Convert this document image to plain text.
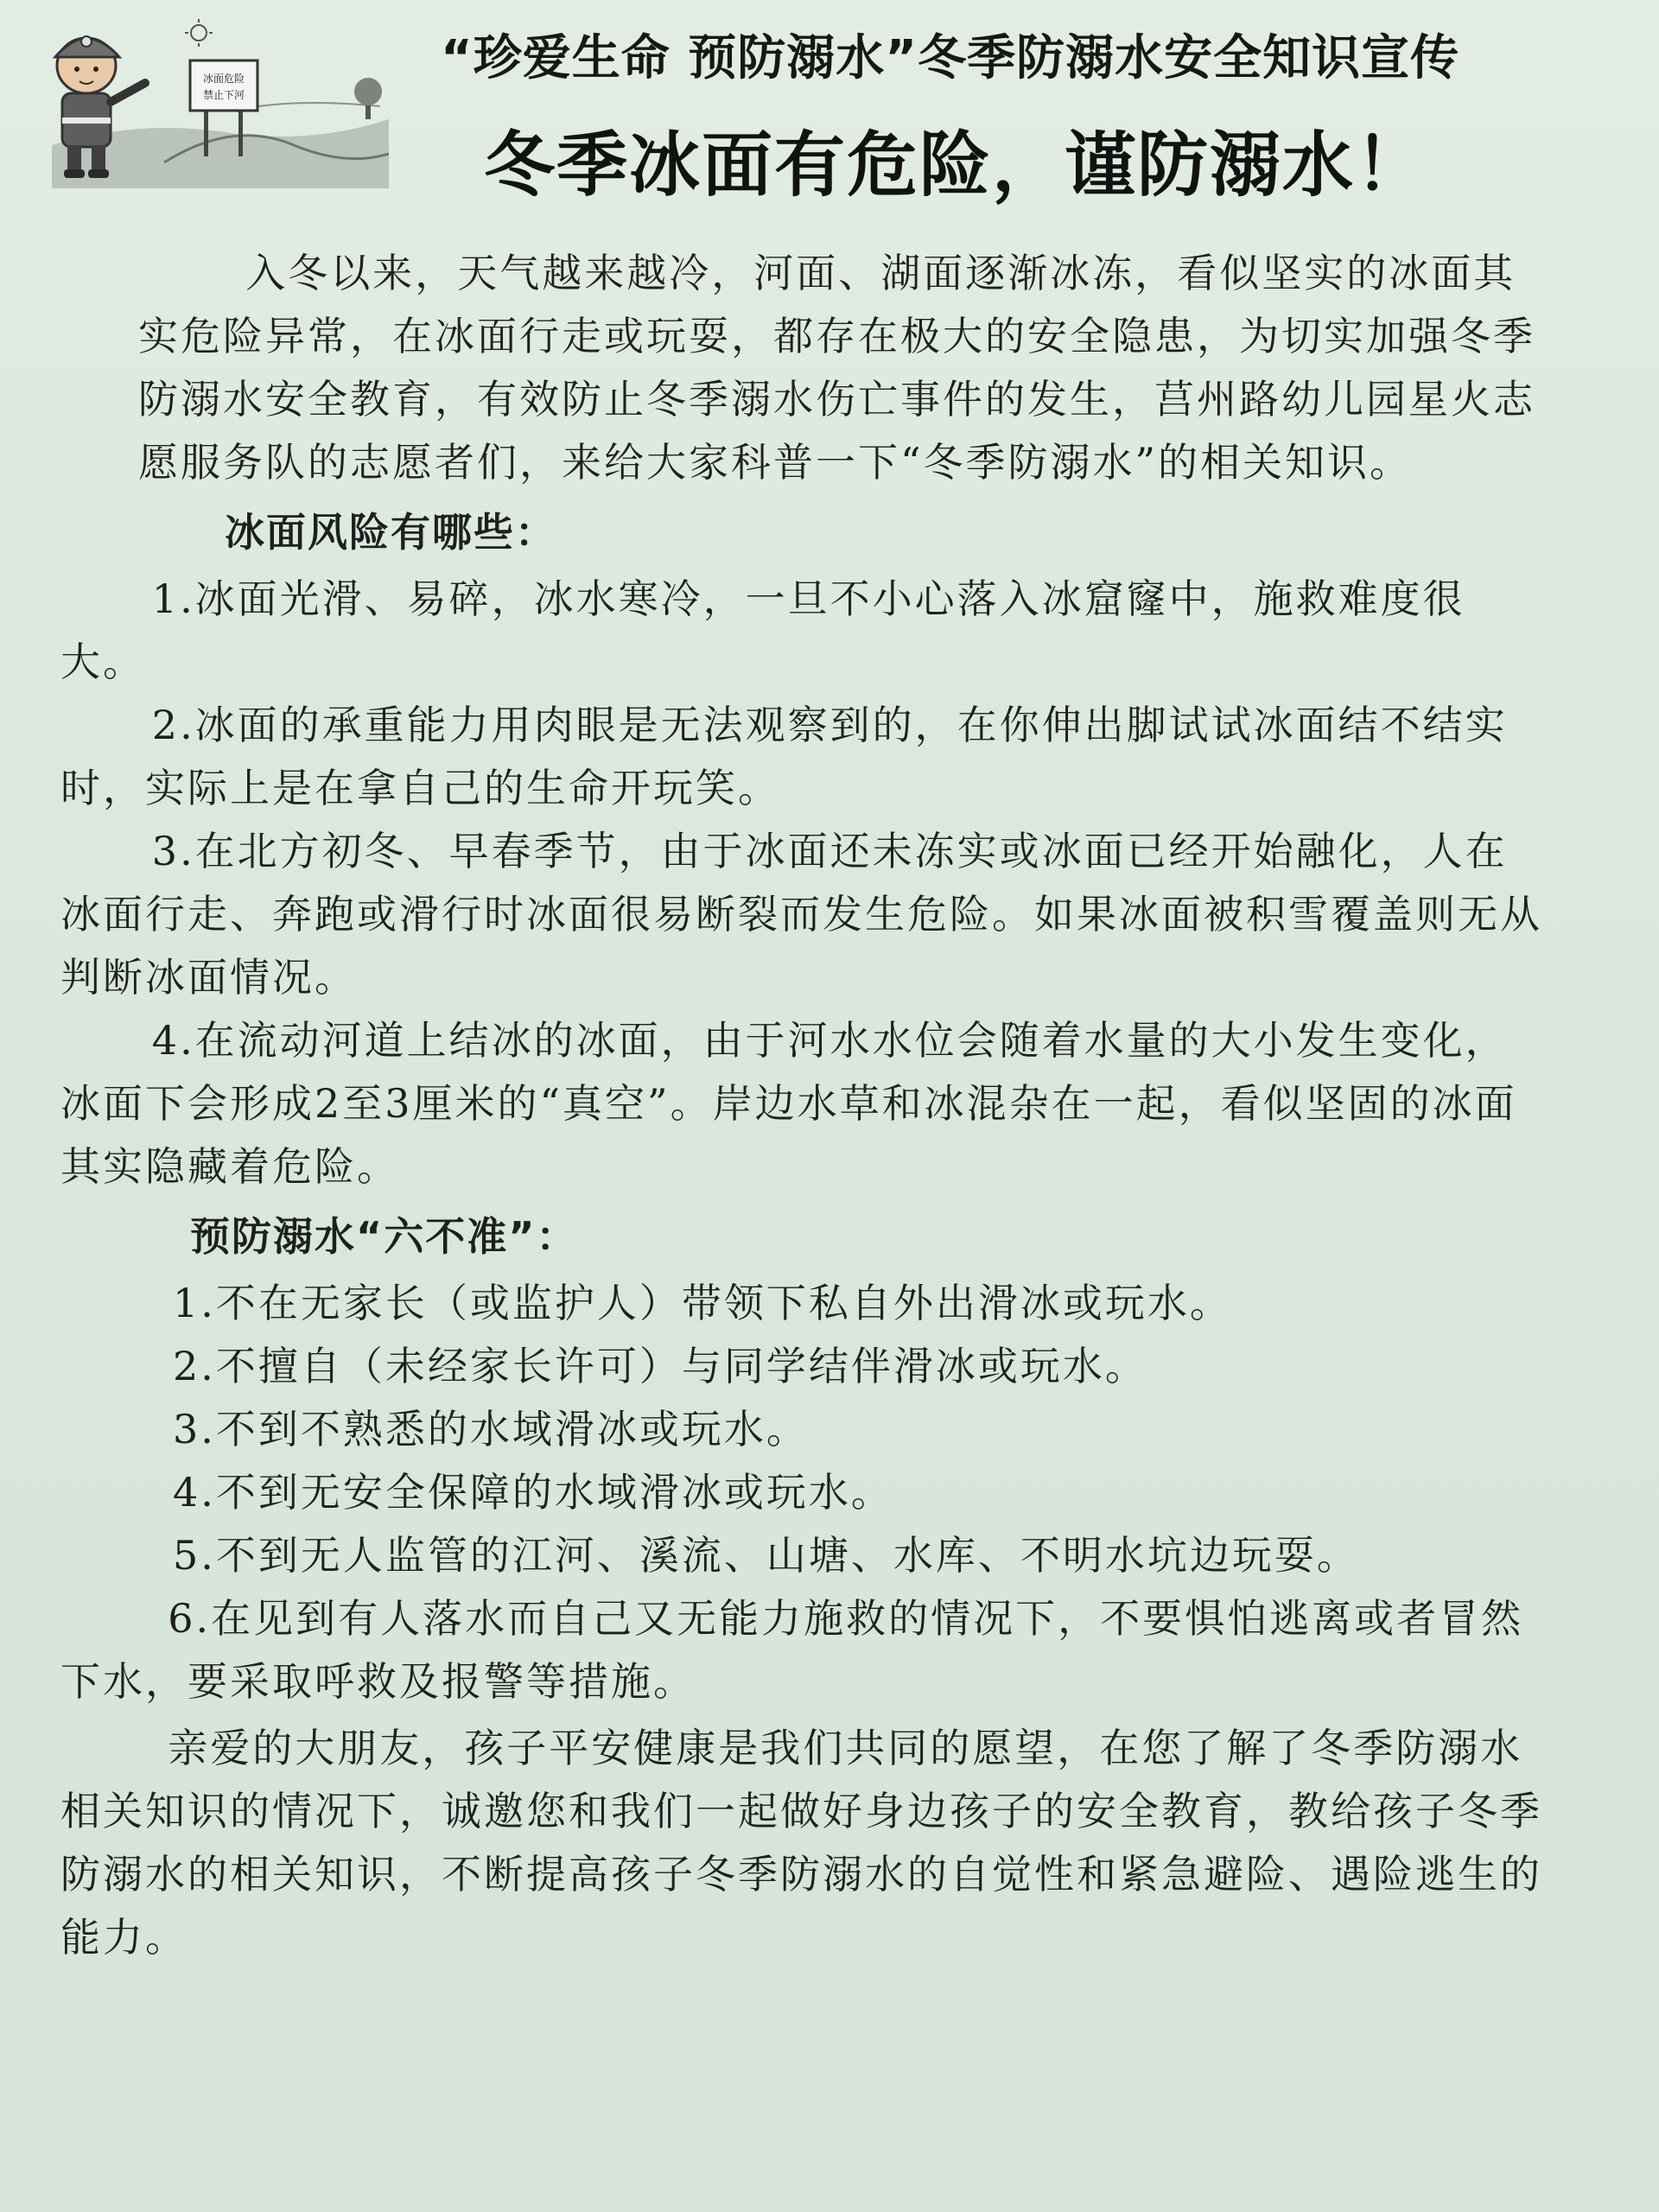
冰面危险
禁止下河
“珍爱生命 预防溺水”冬季防溺水安全知识宣传
冬季冰面有危险，谨防溺水！

入冬以来，天气越来越冷，河面、湖面逐渐冰冻，看似坚实的冰面其实危险异常，在冰面行走或玩耍，都存在极大的安全隐患，为切实加强冬季防溺水安全教育，有效防止冬季溺水伤亡事件的发生，莒州路幼儿园星火志愿服务队的志愿者们，来给大家科普一下“冬季防溺水”的相关知识。

冰面风险有哪些：

1.冰面光滑、易碎，冰水寒冷，一旦不小心落入冰窟窿中，施救难度很大。

2.冰面的承重能力用肉眼是无法观察到的，在你伸出脚试试冰面结不结实时，实际上是在拿自己的生命开玩笑。

3.在北方初冬、早春季节，由于冰面还未冻实或冰面已经开始融化，人在冰面行走、奔跑或滑行时冰面很易断裂而发生危险。如果冰面被积雪覆盖则无从判断冰面情况。

4.在流动河道上结冰的冰面，由于河水水位会随着水量的大小发生变化，冰面下会形成2至3厘米的“真空”。岸边水草和冰混杂在一起，看似坚固的冰面其实隐藏着危险。

预防溺水“六不准”：

1.不在无家长（或监护人）带领下私自外出滑冰或玩水。

2.不擅自（未经家长许可）与同学结伴滑冰或玩水。

3.不到不熟悉的水域滑冰或玩水。

4.不到无安全保障的水域滑冰或玩水。

5.不到无人监管的江河、溪流、山塘、水库、不明水坑边玩耍。

6.在见到有人落水而自己又无能力施救的情况下，不要惧怕逃离或者冒然下水，要采取呼救及报警等措施。

亲爱的大朋友，孩子平安健康是我们共同的愿望，在您了解了冬季防溺水相关知识的情况下，诚邀您和我们一起做好身边孩子的安全教育，教给孩子冬季防溺水的相关知识，不断提高孩子冬季防溺水的自觉性和紧急避险、遇险逃生的能力。
